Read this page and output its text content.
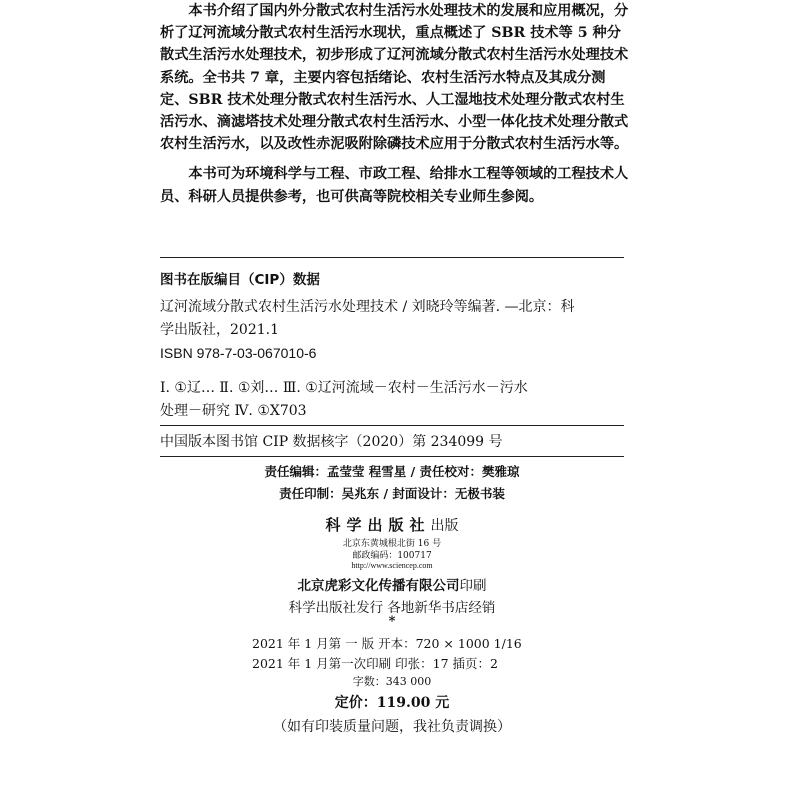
本书介绍了国内外分散式农村生活污水处理技术的发展和应用概况，分析了辽河流域分散式农村生活污水现状，重点概述了 SBR 技术等 5 种分散式生活污水处理技术，初步形成了辽河流域分散式农村生活污水处理技术系统。全书共 7 章，主要内容包括绪论、农村生活污水特点及其成分测定、SBR 技术处理分散式农村生活污水、人工湿地技术处理分散式农村生活污水、滴滤塔技术处理分散式农村生活污水、小型一体化技术处理分散式农村生活污水，以及改性赤泥吸附除磷技术应用于分散式农村生活污水等。

本书可为环境科学与工程、市政工程、给排水工程等领域的工程技术人员、科研人员提供参考，也可供高等院校相关专业师生参阅。

图书在版编目（CIP）数据
辽河流域分散式农村生活污水处理技术 / 刘晓玲等编著. —北京：科
学出版社，2021.1
ISBN 978-7-03-067010-6
Ⅰ. ①辽… Ⅱ. ①刘… Ⅲ. ①辽河流域－农村－生活污水－污水
处理－研究 Ⅳ. ①X703
中国版本图书馆 CIP 数据核字（2020）第 234099 号
责任编辑：孟莹莹 程雪星 / 责任校对：樊雅琼
责任印制：吴兆东 / 封面设计：无极书装
科学出版社出版
北京东黄城根北街 16 号
邮政编码：100717
http://www.sciencep.com
北京虎彩文化传播有限公司印刷
科学出版社发行 各地新华书店经销
*
2021 年 1 月第 一 版 开本：720 × 1000 1/16
2021 年 1 月第一次印刷 印张：17 插页：2
字数：343 000
定价：119.00 元
（如有印装质量问题，我社负责调换）
